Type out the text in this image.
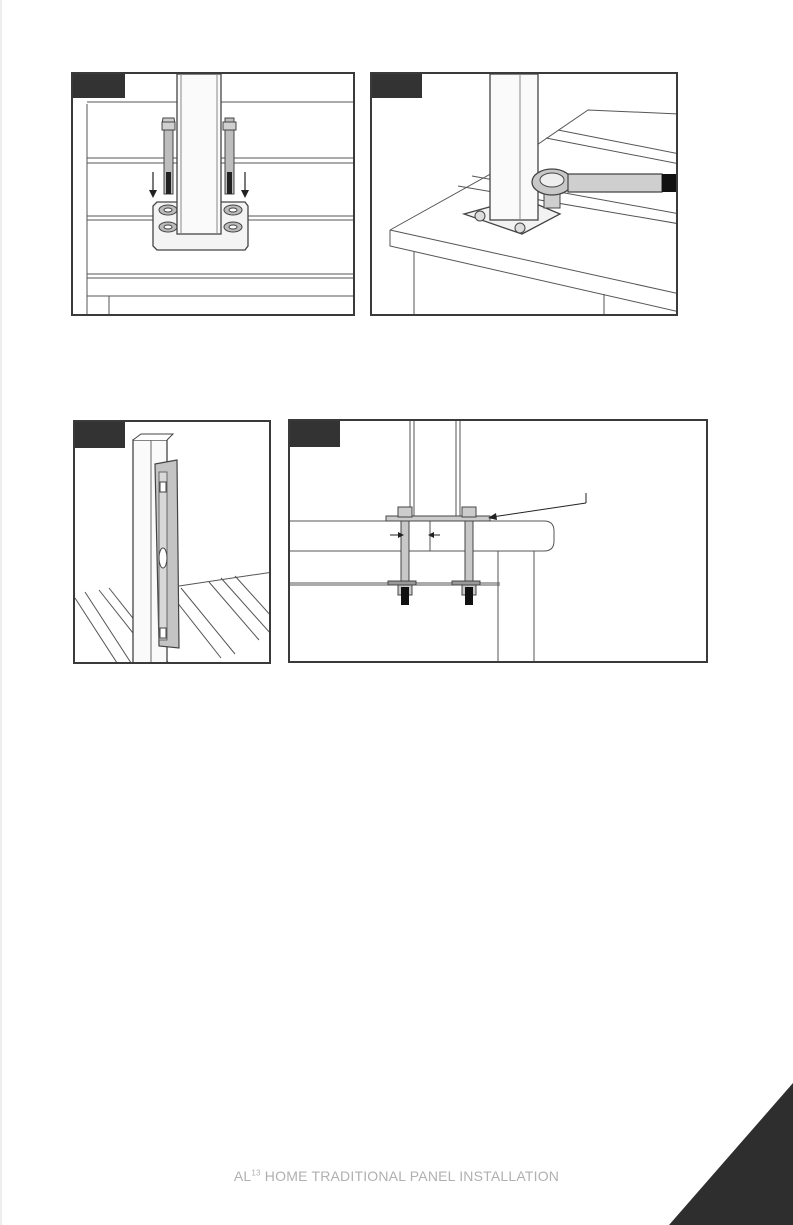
AL$^{13}$ HOME TRADITIONAL PANEL INSTALLATION
